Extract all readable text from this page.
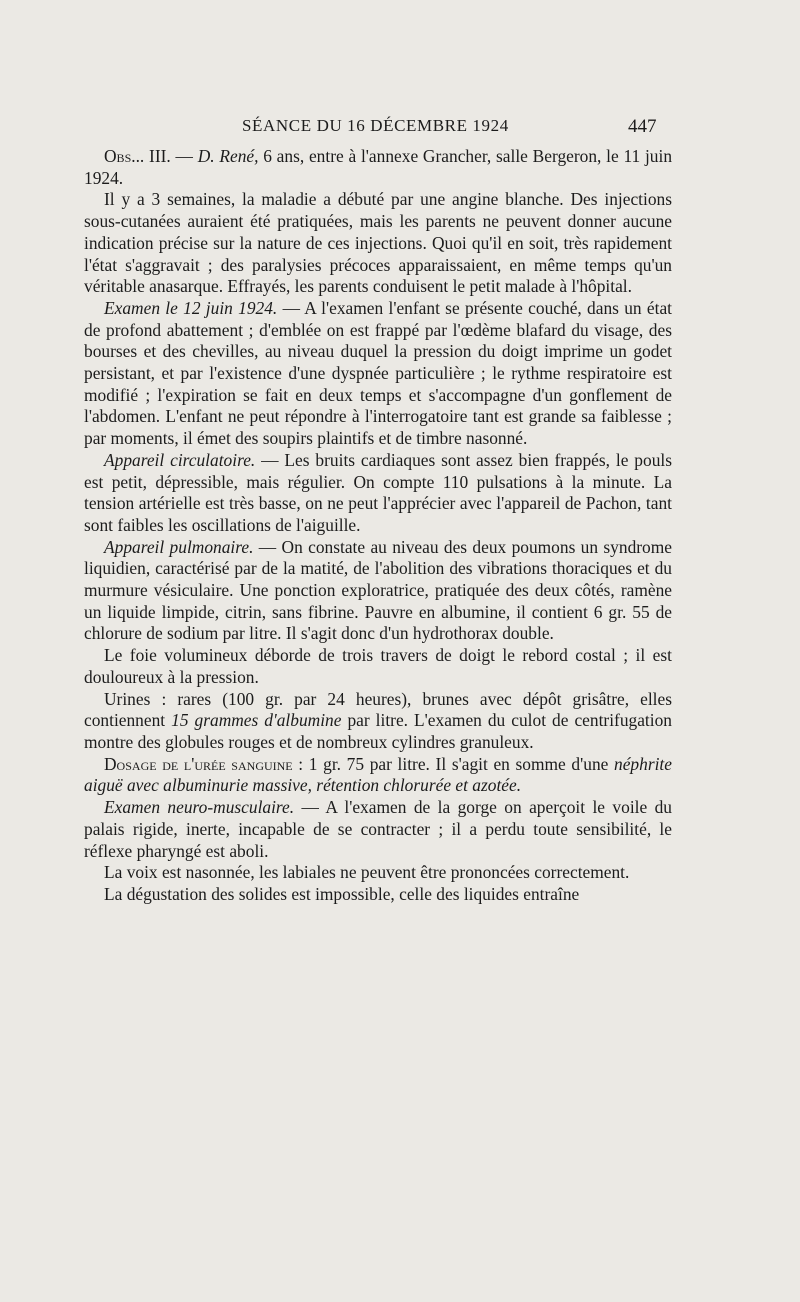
SÉANCE DU 16 DÉCEMBRE 1924	447

Obs... III. — D. René, 6 ans, entre à l'annexe Grancher, salle Bergeron, le 11 juin 1924.

Il y a 3 semaines, la maladie a débuté par une angine blanche. Des injections sous-cutanées auraient été pratiquées, mais les parents ne peuvent donner aucune indication précise sur la nature de ces injections. Quoi qu'il en soit, très rapidement l'état s'aggravait ; des paralysies précoces apparaissaient, en même temps qu'un véritable anasarque. Effrayés, les parents conduisent le petit malade à l'hôpital.

Examen le 12 juin 1924. — A l'examen l'enfant se présente couché, dans un état de profond abattement ; d'emblée on est frappé par l'œdème blafard du visage, des bourses et des chevilles, au niveau duquel la pression du doigt imprime un godet persistant, et par l'existence d'une dyspnée particulière ; le rythme respiratoire est modifié ; l'expiration se fait en deux temps et s'accompagne d'un gonflement de l'abdomen. L'enfant ne peut répondre à l'interrogatoire tant est grande sa faiblesse ; par moments, il émet des soupirs plaintifs et de timbre nasonné.

Appareil circulatoire. — Les bruits cardiaques sont assez bien frappés, le pouls est petit, dépressible, mais régulier. On compte 110 pulsations à la minute. La tension artérielle est très basse, on ne peut l'apprécier avec l'appareil de Pachon, tant sont faibles les oscillations de l'aiguille.

Appareil pulmonaire. — On constate au niveau des deux poumons un syndrome liquidien, caractérisé par de la matité, de l'abolition des vibrations thoraciques et du murmure vésiculaire. Une ponction exploratrice, pratiquée des deux côtés, ramène un liquide limpide, citrin, sans fibrine. Pauvre en albumine, il contient 6 gr. 55 de chlorure de sodium par litre. Il s'agit donc d'un hydrothorax double.

Le foie volumineux déborde de trois travers de doigt le rebord costal ; il est douloureux à la pression.

Urines : rares (100 gr. par 24 heures), brunes avec dépôt grisâtre, elles contiennent 15 grammes d'albumine par litre. L'examen du culot de centrifugation montre des globules rouges et de nombreux cylindres granuleux.

Dosage de l'urée sanguine : 1 gr. 75 par litre. Il s'agit en somme d'une néphrite aiguë avec albuminurie massive, rétention chlorurée et azotée.

Examen neuro-musculaire. — A l'examen de la gorge on aperçoit le voile du palais rigide, inerte, incapable de se contracter ; il a perdu toute sensibilité, le réflexe pharyngé est aboli.

La voix est nasonnée, les labiales ne peuvent être prononcées correctement.

La dégustation des solides est impossible, celle des liquides entraîne
